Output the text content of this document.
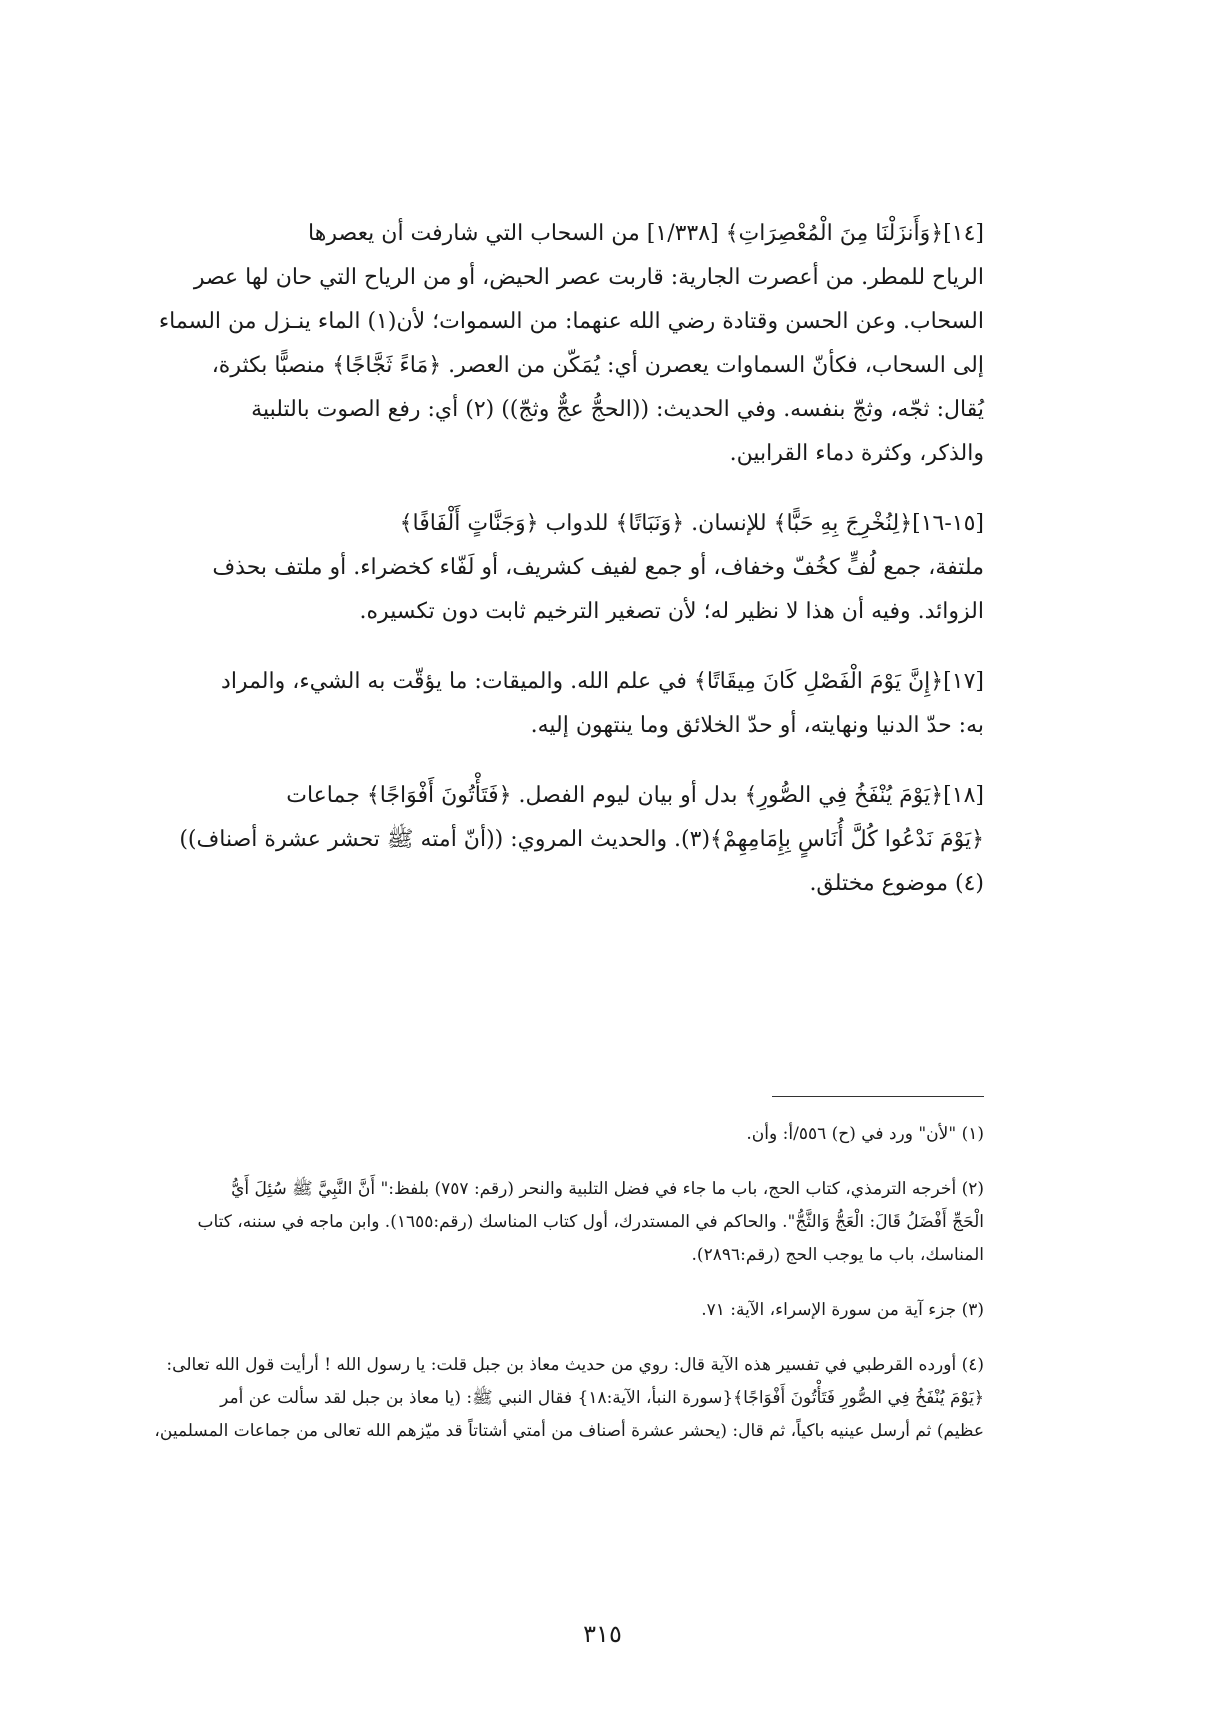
[١٤]﴿وَأَنزَلْنَا مِنَ الْمُعْصِرَاتِ﴾ [١/٣٣٨] من السحاب التي شارفت أن يعصرها

الرياح للمطر. من أعصرت الجارية: قاربت عصر الحيض، أو من الرياح التي حان لها عصر

السحاب. وعن الحسن وقتادة رضي الله عنهما: من السموات؛ لأن(١) الماء ينـزل من السماء

إلى السحاب، فكأنّ السماوات يعصرن أي: يُمَكّن من العصر. ﴿مَاءً ثَجَّاجًا﴾ منصبًّا بكثرة،

يُقال: ثجّه، وثجّ بنفسه. وفي الحديث: ((الحجُّ عجٌّ وثجّ)) (٢) أي: رفع الصوت بالتلبية

والذكر، وكثرة دماء القرابين.

[١٥-١٦]﴿لِنُخْرِجَ بِهِ حَبًّا﴾ للإنسان. ﴿وَنَبَاتًا﴾ للدواب ﴿وَجَنَّاتٍ أَلْفَافًا﴾

ملتفة، جمع لُفٍّ كخُفّ وخفاف، أو جمع لفيف كشريف، أو لَفّاء كخضراء. أو ملتف بحذف

الزوائد. وفيه أن هذا لا نظير له؛ لأن تصغير الترخيم ثابت دون تكسيره.

[١٧]﴿إِنَّ يَوْمَ الْفَصْلِ كَانَ مِيقَاتًا﴾ في علم الله. والميقات: ما يؤقّت به الشيء، والمراد

به: حدّ الدنيا ونهايته، أو حدّ الخلائق وما ينتهون إليه.

[١٨]﴿يَوْمَ يُنْفَخُ فِي الصُّورِ﴾ بدل أو بيان ليوم الفصل. ﴿فَتَأْتُونَ أَفْوَاجًا﴾ جماعات

﴿يَوْمَ نَدْعُوا كُلَّ أُنَاسٍ بِإِمَامِهِمْ﴾(٣). والحديث المروي: ((أنّ أمته ﷺ تحشر عشرة أصناف))

(٤) موضوع مختلق.

(١) "لأن" ورد في (ح) ٥٥٦/أ: وأن.

(٢) أخرجه الترمذي، كتاب الحج، باب ما جاء في فضل التلبية والنحر (رقم: ٧٥٧) بلفظ:" أَنَّ النَّبِيَّ ﷺ سُئِلَ أَيُّ

الْحَجِّ أَفْضَلُ قَالَ: الْعَجُّ وَالثَّجُّ". والحاكم في المستدرك، أول كتاب المناسك (رقم:١٦٥٥). وابن ماجه في سننه، كتاب

المناسك، باب ما يوجب الحج (رقم:٢٨٩٦).

(٣) جزء آية من سورة الإسراء، الآية: ٧١.

(٤) أورده القرطبي في تفسير هذه الآية قال: روي من حديث معاذ بن جبل قلت: يا رسول الله ! أرأيت قول الله تعالى:

﴿يَوْمَ يُنْفَخُ فِي الصُّورِ فَتَأْتُونَ أَفْوَاجًا﴾{سورة النبأ، الآية:١٨} فقال النبي ﷺ: (يا معاذ بن جبل لقد سألت عن أمر

عظيم) ثم أرسل عينيه باكياً، ثم قال: (يحشر عشرة أصناف من أمتي أشتاتاً قد ميّزهم الله تعالى من جماعات المسلمين،

٣١٥
